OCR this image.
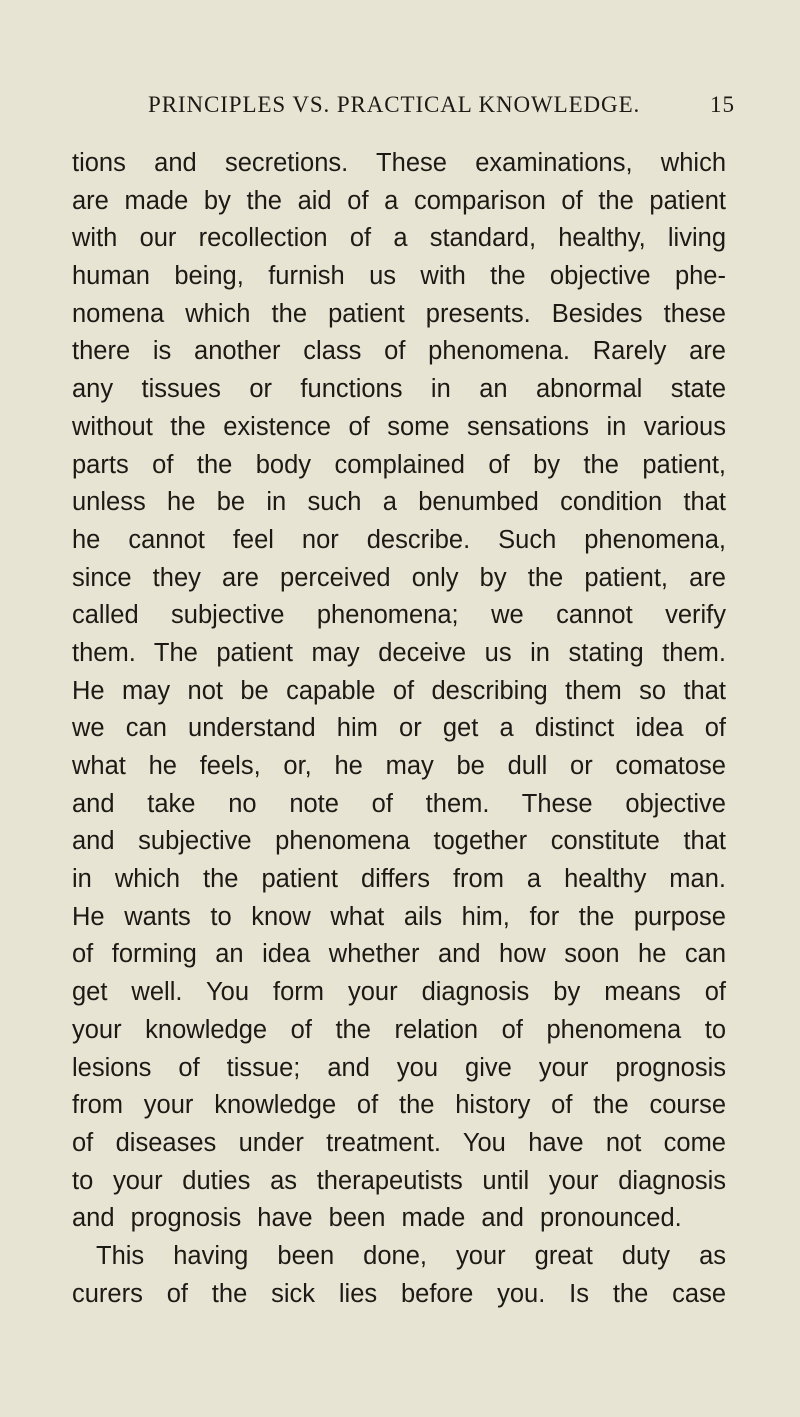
PRINCIPLES VS. PRACTICAL KNOWLEDGE.	15
tions and secretions. These examinations, which
are made by the aid of a comparison of the patient
with our recollection of a standard, healthy, living
human being, furnish us with the objective phe-
nomena which the patient presents. Besides these
there is another class of phenomena. Rarely are
any tissues or functions in an abnormal state
without the existence of some sensations in various
parts of the body complained of by the patient,
unless he be in such a benumbed condition that
he cannot feel nor describe. Such phenomena,
since they are perceived only by the patient, are
called subjective phenomena; we cannot verify
them. The patient may deceive us in stating them.
He may not be capable of describing them so that
we can understand him or get a distinct idea of
what he feels, or, he may be dull or comatose
and take no note of them. These objective
and subjective phenomena together constitute that
in which the patient differs from a healthy man.
He wants to know what ails him, for the purpose
of forming an idea whether and how soon he can
get well. You form your diagnosis by means of
your knowledge of the relation of phenomena to
lesions of tissue; and you give your prognosis
from your knowledge of the history of the course
of diseases under treatment. You have not come
to your duties as therapeutists until your diagnosis
and prognosis have been made and pronounced.
This having been done, your great duty as
curers of the sick lies before you. Is the case
